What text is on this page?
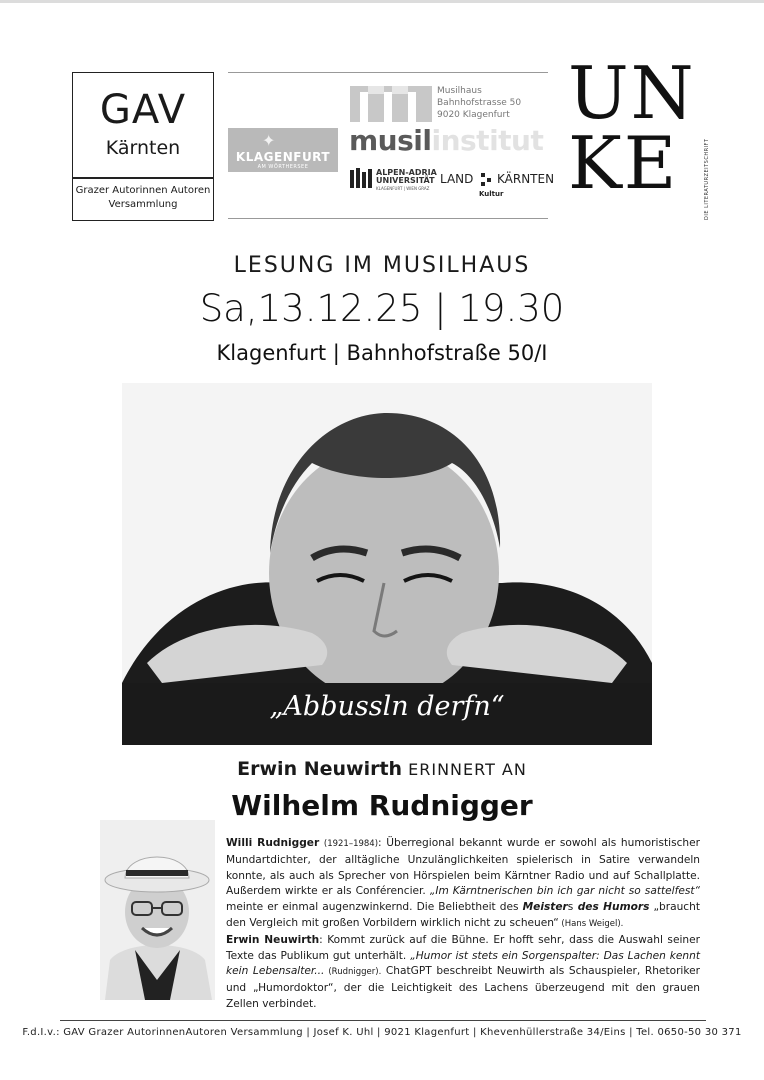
GAV
Kärnten
Grazer Autorinnen Autoren
Versammlung
✦
KLAGENFURT
AM WÖRTHERSEE
Musilhaus
Bahnhofstrasse 50
9020 Klagenfurt
musilinstitut
ALPEN-ADRIA
UNIVERSITÄT
KLAGENFURT | WIEN GRAZ
LAND KÄRNTEN
Kultur
UN
KE	DIE LITERATURZEITSCHRIFT
LESUNG IM MUSILHAUS
Sa,13.12.25 | 19.30
Klagenfurt | Bahnhofstraße 50/I
„Abbussln derfn“
Erwin Neuwirth ERINNERT AN
Wilhelm Rudnigger

Willi Rudnigger (1921–1984): Überregional bekannt wurde er sowohl als humoristischer Mundartdichter, der alltägliche Unzulänglichkeiten spielerisch in Satire verwandeln konnte, als auch als Sprecher von Hörspielen beim Kärntner Radio und auf Schallplatte. Außerdem wirkte er als Conférencier. „Im Kärntnerischen bin ich gar nicht so sattelfest“ meinte er einmal augenzwinkernd. Die Beliebtheit des Meisters des Humors „braucht den Vergleich mit großen Vorbildern wirklich nicht zu scheuen“ (Hans Weigel).

Erwin Neuwirth: Kommt zurück auf die Bühne. Er hofft sehr, dass die Auswahl seiner Texte das Publikum gut unterhält. „Humor ist stets ein Sorgenspalter: Das Lachen kennt kein Lebensalter... (Rudnigger). ChatGPT beschreibt Neuwirth als Schauspieler, Rhetoriker und „Humordoktor“, der die Leichtigkeit des Lachens überzeugend mit den grauen Zellen verbindet.

F.d.I.v.: GAV Grazer AutorinnenAutoren Versammlung | Josef K. Uhl | 9021 Klagenfurt | Khevenhüllerstraße 34/Eins | Tel. 0650-50 30 371
